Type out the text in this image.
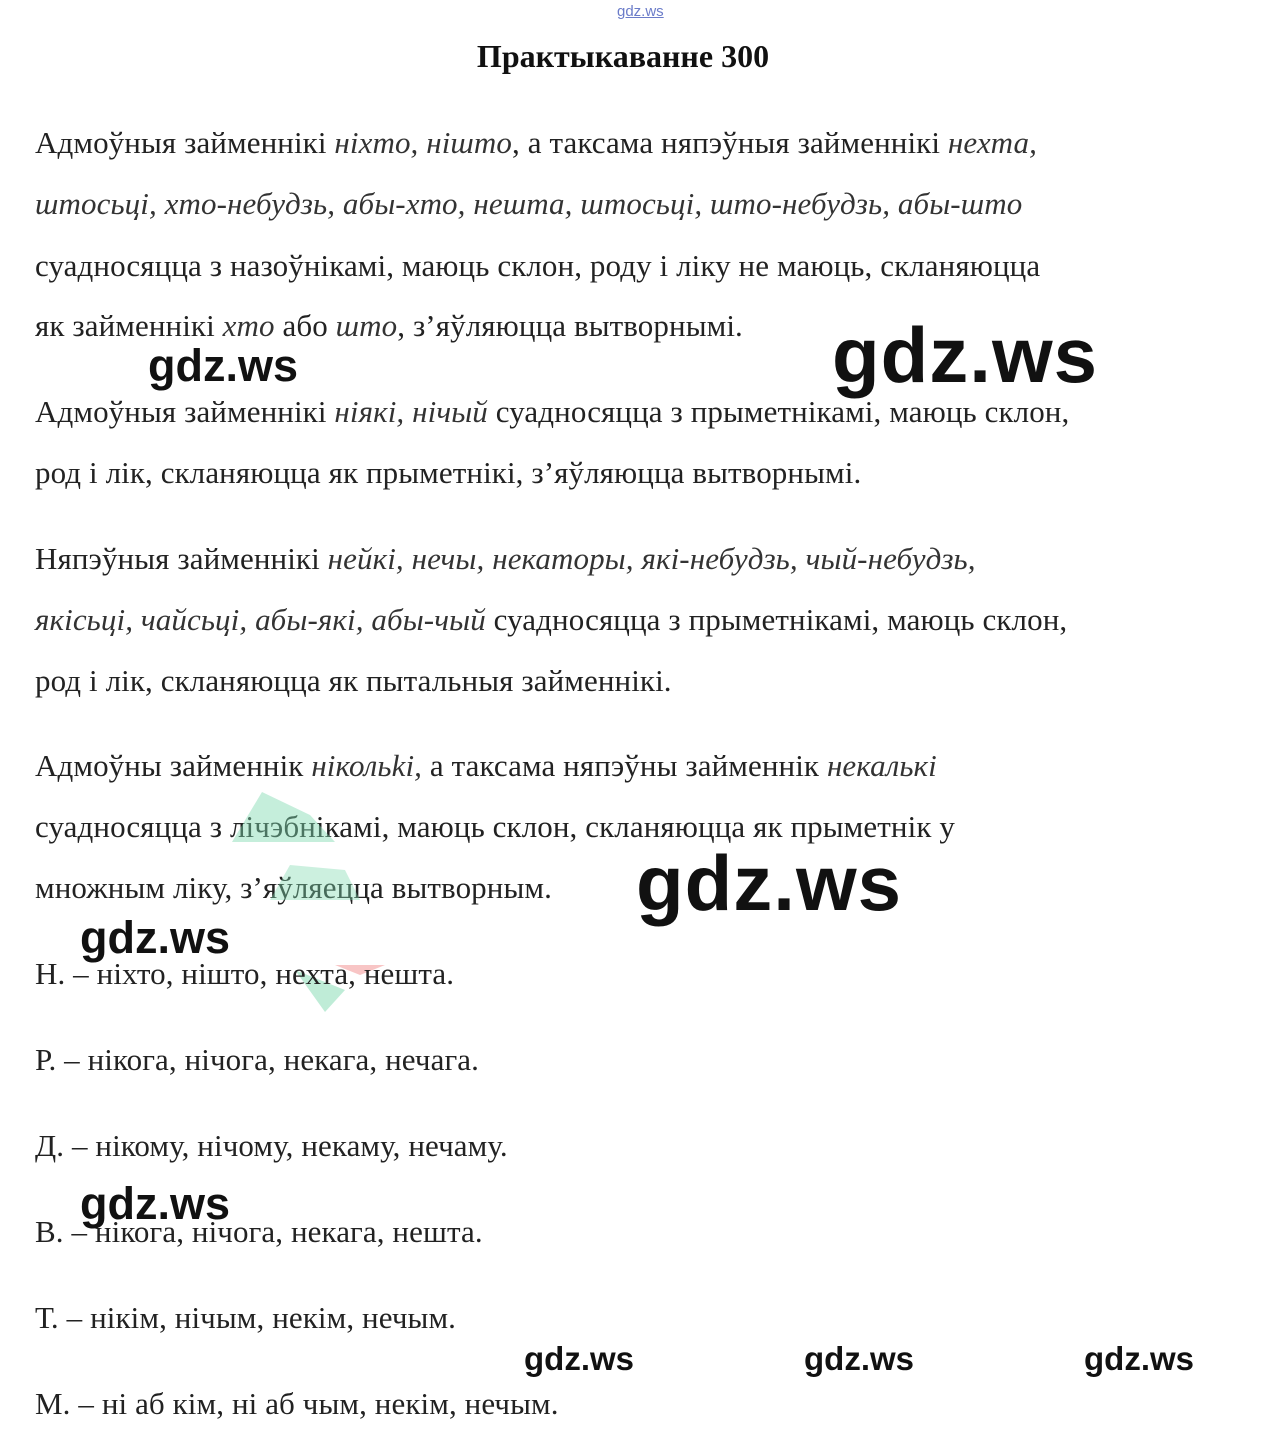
gdz.ws
Практыкаванне 300
Адмоўныя займеннікі ніхто, нішто, а таксама няпэўныя займеннікі нехта,
штосьці, хто-небудзь, абы-хто, нешта, штосьці, што-небудзь, абы-што
суадносяцца з назоўнікамі, маюць склон, роду і ліку не маюць, скланяюцца
як займеннікі хто або што, з’яўляюцца вытворнымі.
Адмоўныя займеннікі ніякі, нічый суадносяцца з прыметнікамі, маюць склон,
род і лік, скланяюцца як прыметнікі, з’яўляюцца вытворнымі.
Няпэўныя займеннікі нейкі, нечы, некаторы, які-небудзь, чый-небудзь,
якісьці, чайсьці, абы-які, абы-чый суадносяцца з прыметнікамі, маюць склон,
род і лік, скланяюцца як пытальныя займеннікі.
Адмоўны займеннік нікольki, а таксама няпэўны займеннік некалькі
суадносяцца з лічэбнікамі, маюць склон, скланяюцца як прыметнік у
множным ліку, з’яўляецца вытворным.
Н. – ніхто, нішто, нехта, нешта.
Р. – нікога, нічога, некага, нечага.
Д. – нікому, нічому, некаму, нечаму.
В. – нікога, нічога, некага, нешта.
Т. – нікім, нічым, некім, нечым.
М. – ні аб кім, ні аб чым, некім, нечым.
gdz.ws	gdz.ws
gdz.ws
gdz.ws
gdz.ws
gdz.ws	gdz.ws	gdz.ws
